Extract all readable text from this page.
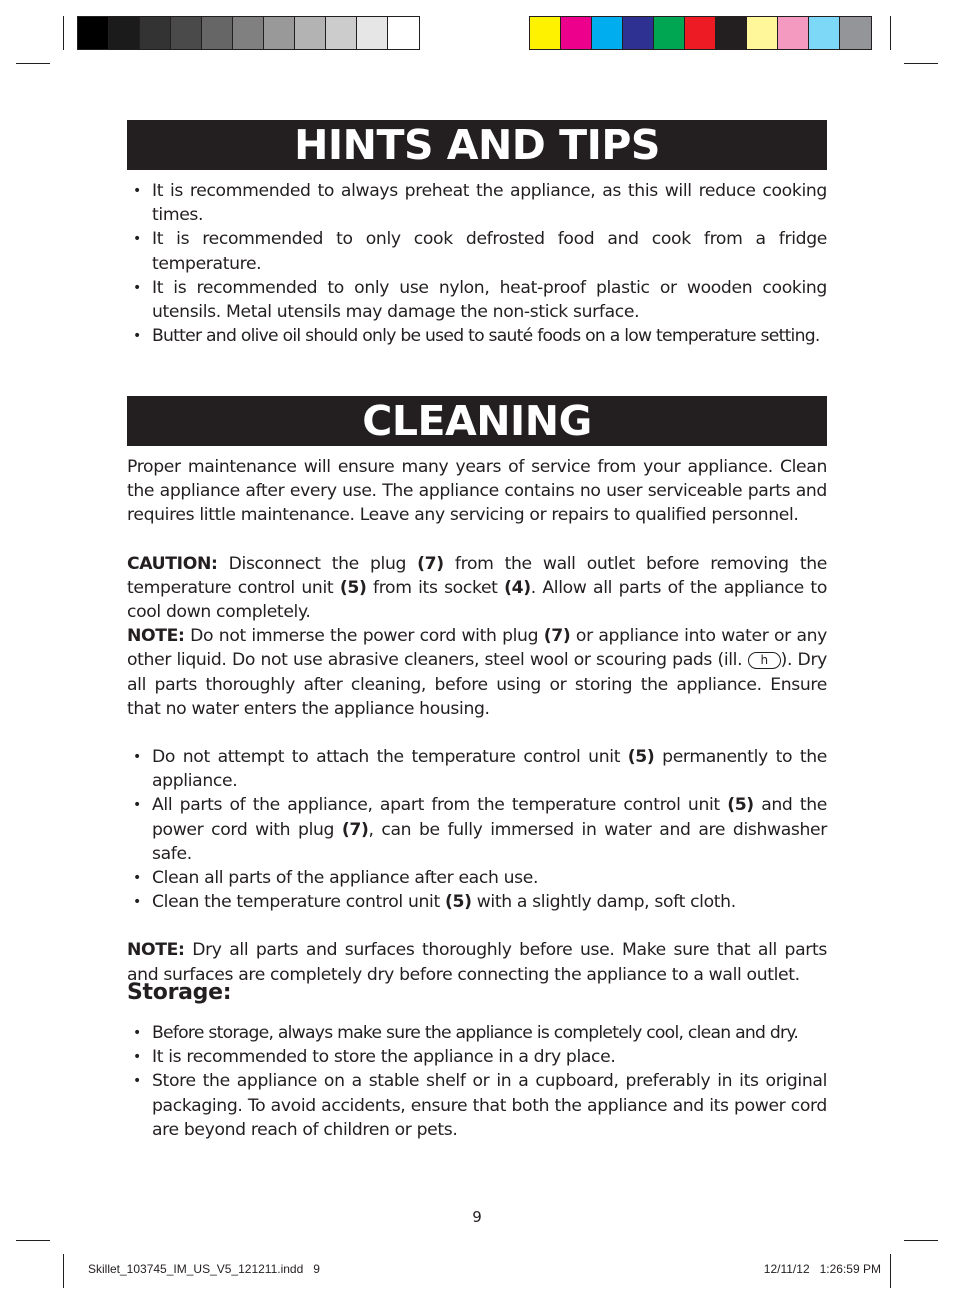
HINTS AND TIPS
• It is recommended to always preheat the appliance, as this will reduce cooking times.
• It is recommended to only cook defrosted food and cook from a fridge temperature.
• It is recommended to only use nylon, heat-proof plastic or wooden cooking utensils. Metal utensils may damage the non-stick surface.
• Butter and olive oil should only be used to sauté foods on a low temperature setting.
CLEANING

Proper maintenance will ensure many years of service from your appliance. Clean the appliance after every use. The appliance contains no user serviceable parts and requires little maintenance. Leave any servicing or repairs to qualified personnel.

CAUTION: Disconnect the plug (7) from the wall outlet before removing the temperature control unit (5) from its socket (4). Allow all parts of the appliance to cool down completely.

NOTE: Do not immerse the power cord with plug (7) or appliance into water or any other liquid. Do not use abrasive cleaners, steel wool or scouring pads (ill. h ). Dry all parts thoroughly after cleaning, before using or storing the appliance. Ensure that no water enters the appliance housing.

• Do not attempt to attach the temperature control unit (5) permanently to the appliance.
• All parts of the appliance, apart from the temperature control unit (5) and the power cord with plug (7), can be fully immersed in water and are dishwasher safe.
• Clean all parts of the appliance after each use.
• Clean the temperature control unit (5) with a slightly damp, soft cloth.

NOTE: Dry all parts and surfaces thoroughly before use. Make sure that all parts and surfaces are completely dry before connecting the appliance to a wall outlet.

Storage:
• Before storage, always make sure the appliance is completely cool, clean and dry.
• It is recommended to store the appliance in a dry place.
• Store the appliance on a stable shelf or in a cupboard, preferably in its original packaging. To avoid accidents, ensure that both the appliance and its power cord are beyond reach of children or pets.
9
Skillet_103745_IM_US_V5_121211.indd   9	12/11/12   1:26:59 PM
